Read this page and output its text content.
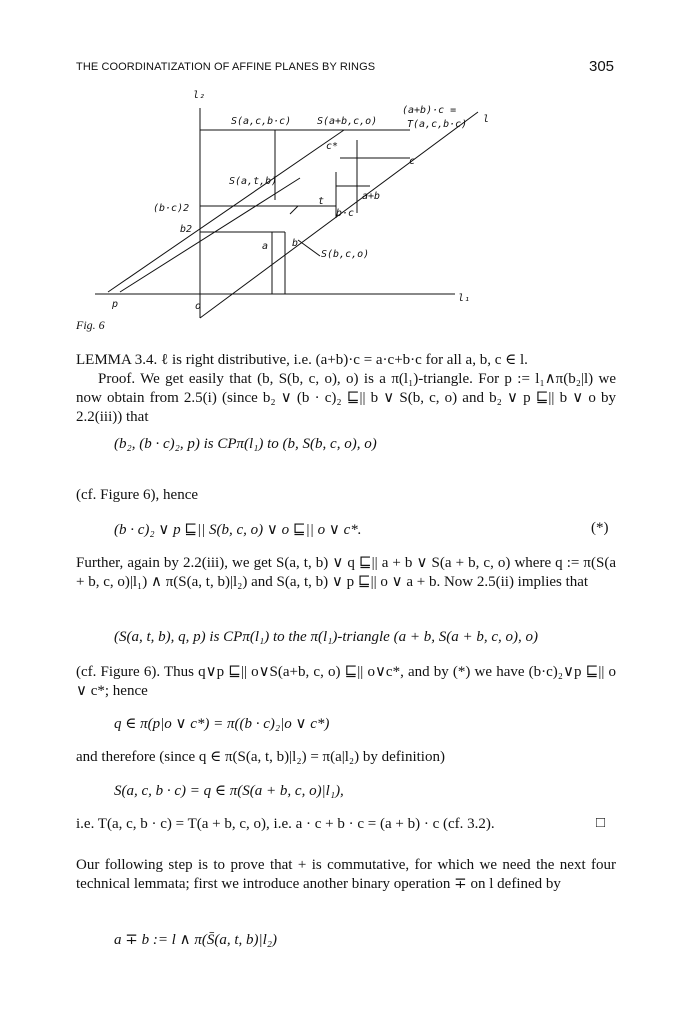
THE COORDINATIZATION OF AFFINE PLANES BY RINGS	305
l₂
l
l₁
p	o
S(a,c,b·c)	S(a+b,c,o)
(a+b)·c =
T(a,c,b·c)
c*
c
S(a,t,b)
(b·c)2
t	a+b
b·c
b2
a b
S(b,c,o)
Fig. 6
LEMMA 3.4. ℓ is right distributive, i.e. (a+b)·c = a·c+b·c for all a, b, c ∈ l.
Proof. We get easily that (b, S(b, c, o), o) is a π(l₁)-triangle. For p := l₁∧π(b₂|l) we now obtain from 2.5(i) (since b₂ ∨ (b · c)₂ ⊑|| b ∨ S(b, c, o) and b₂ ∨ p ⊑|| b ∨ o by 2.2(iii)) that
(b₂, (b · c)₂, p) is CPπ(l₁) to (b, S(b, c, o), o)
(cf. Figure 6), hence
(b · c)₂ ∨ p ⊑|| S(b, c, o) ∨ o ⊑|| o ∨ c*.	(*)
Further, again by 2.2(iii), we get S(a, t, b) ∨ q ⊑|| a + b ∨ S(a + b, c, o) where q := π(S(a + b, c, o)|l₁) ∧ π(S(a, t, b)|l₂) and S(a, t, b) ∨ p ⊑|| o ∨ a + b. Now 2.5(ii) implies that
(S(a, t, b), q, p) is CPπ(l₁) to the π(l₁)-triangle (a + b, S(a + b, c, o), o)
(cf. Figure 6). Thus q∨p ⊑|| o∨S(a+b, c, o) ⊑|| o∨c*, and by (*) we have (b·c)₂∨p ⊑|| o ∨ c*; hence
q ∈ π(p|o ∨ c*) = π((b · c)₂|o ∨ c*)
and therefore (since q ∈ π(S(a, t, b)|l₂) = π(a|l₂) by definition)
S(a, c, b · c) = q ∈ π(S(a + b, c, o)|l₁),
i.e. T(a, c, b · c) = T(a + b, c, o), i.e. a · c + b · c = (a + b) · c (cf. 3.2).	□
Our following step is to prove that + is commutative, for which we need the next four technical lemmata; first we introduce another binary operation ∓ on l defined by
a ∓ b := l ∧ π(S̄(a, t, b)|l₂)
